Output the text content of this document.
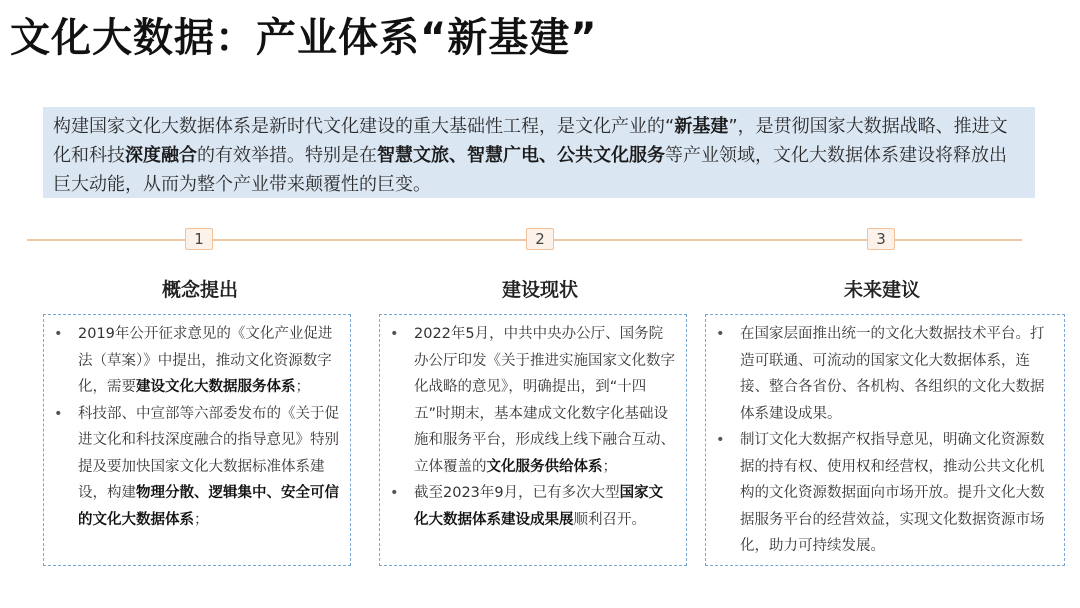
文化大数据：产业体系“新基建”
构建国家文化大数据体系是新时代文化建设的重大基础性工程，是文化产业的“新基建”，是贯彻国家大数据战略、推进文化和科技深度融合的有效举措。特别是在智慧文旅、智慧广电、公共文化服务等产业领域，文化大数据体系建设将释放出巨大动能，从而为整个产业带来颠覆性的巨变。
1	2	3
概念提出	建设现状	未来建议
• 2019年公开征求意见的《文化产业促进法（草案）》中提出，推动文化资源数字化，需要建设文化大数据服务体系；
• 科技部、中宣部等六部委发布的《关于促进文化和科技深度融合的指导意见》特别提及要加快国家文化大数据标准体系建设，构建物理分散、逻辑集中、安全可信的文化大数据体系；
• 2022年5月，中共中央办公厅、国务院办公厅印发《关于推进实施国家文化数字化战略的意见》，明确提出，到“十四五”时期末，基本建成文化数字化基础设施和服务平台，形成线上线下融合互动、立体覆盖的文化服务供给体系；
• 截至2023年9月，已有多次大型国家文化大数据体系建设成果展顺利召开。
• 在国家层面推出统一的文化大数据技术平台。打造可联通、可流动的国家文化大数据体系，连接、整合各省份、各机构、各组织的文化大数据体系建设成果。
• 制订文化大数据产权指导意见，明确文化资源数据的持有权、使用权和经营权，推动公共文化机构的文化资源数据面向市场开放。提升文化大数据服务平台的经营效益，实现文化数据资源市场化，助力可持续发展。
